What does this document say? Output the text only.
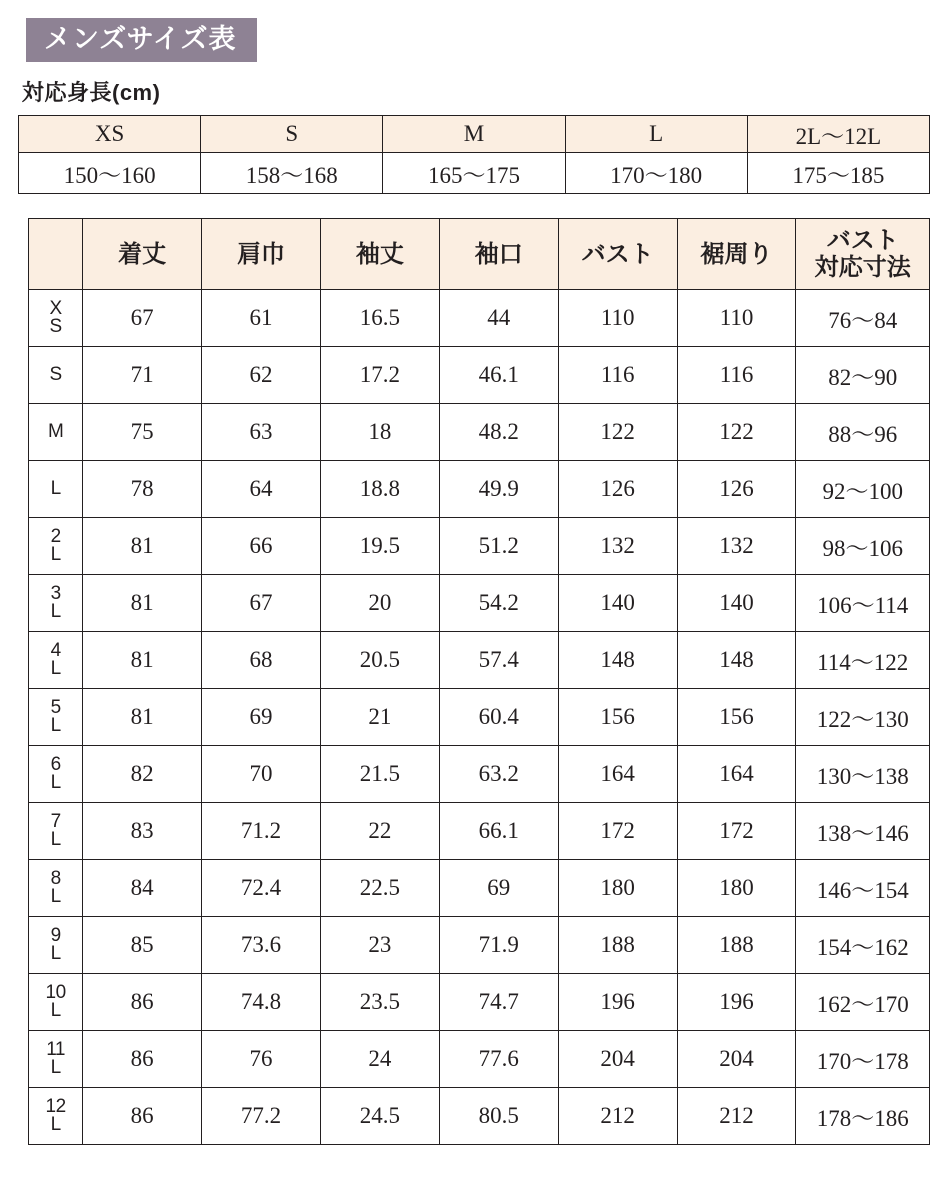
メンズサイズ表
対応身長(cm)
XS	S	M	L	2L〜12L
150〜160	158〜168	165〜175	170〜180	175〜185
	着丈	肩巾	袖丈	袖口	バスト	裾周り	バスト
対応寸法

X
S	67	61	16.5	44	110	110	76〜84

S	71	62	17.2	46.1	116	116	82〜90

M	75	63	18	48.2	122	122	88〜96

L	78	64	18.8	49.9	126	126	92〜100

2
L	81	66	19.5	51.2	132	132	98〜106

3
L	81	67	20	54.2	140	140	106〜114

4
L	81	68	20.5	57.4	148	148	114〜122

5
L	81	69	21	60.4	156	156	122〜130

6
L	82	70	21.5	63.2	164	164	130〜138

7
L	83	71.2	22	66.1	172	172	138〜146

8
L	84	72.4	22.5	69	180	180	146〜154

9
L	85	73.6	23	71.9	188	188	154〜162

10
L	86	74.8	23.5	74.7	196	196	162〜170

11
L	86	76	24	77.6	204	204	170〜178

12
L	86	77.2	24.5	80.5	212	212	178〜186
